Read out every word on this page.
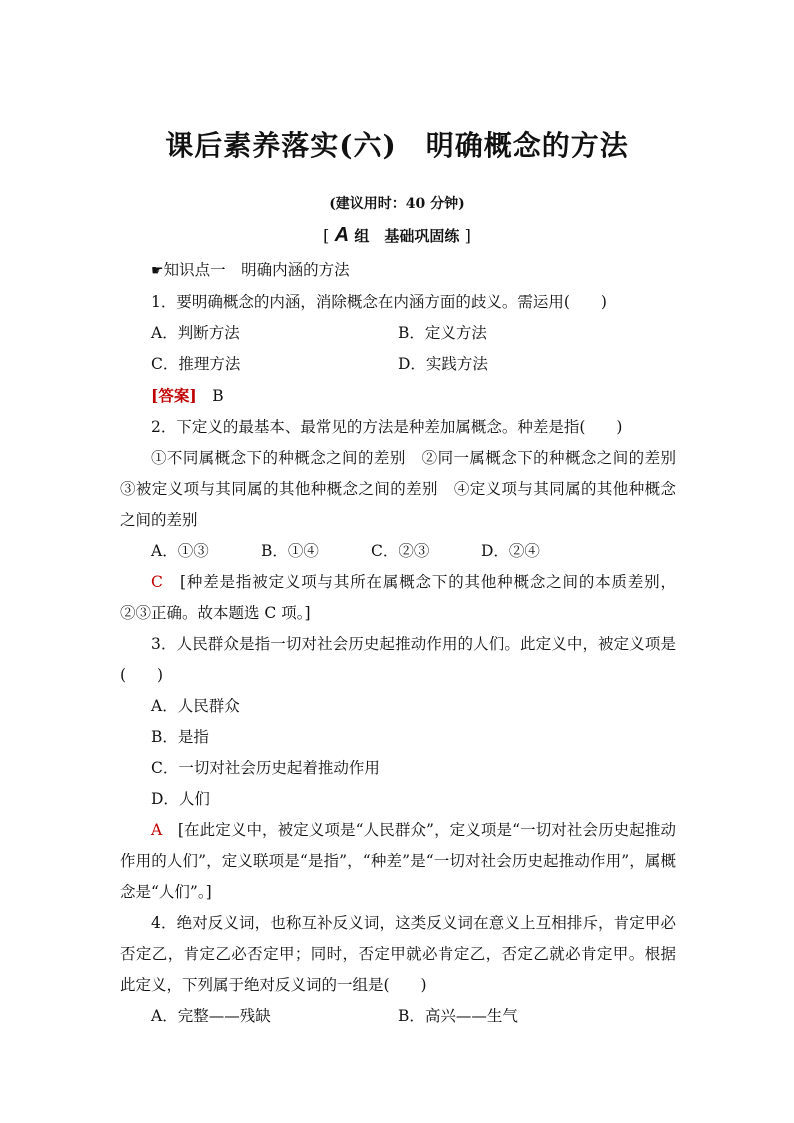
课后素养落实(六)　明确概念的方法
(建议用时：40 分钟)
[ A 组　基础巩固练 ]

☛知识点一　明确内涵的方法

1．要明确概念的内涵，消除概念在内涵方面的歧义。需运用(　　)

A．判断方法	B．定义方法
C．推理方法	D．实践方法

[答案]　 B

2．下定义的最基本、最常见的方法是种差加属概念。种差是指(　　)

①不同属概念下的种概念之间的差别　②同一属概念下的种概念之间的差别　③被定义项与其同属的其他种概念之间的差别　④定义项与其同属的其他种概念之间的差别

A．①③	B．①④	C．②③	D．②④

C　 [种差是指被定义项与其所在属概念下的其他种概念之间的本质差别，②③正确。故本题选 C 项。]

3．人民群众是指一切对社会历史起推动作用的人们。此定义中，被定义项是(　　)

A．人民群众

B．是指

C．一切对社会历史起着推动作用

D．人们

A　 [在此定义中，被定义项是“人民群众”，定义项是“一切对社会历史起推动作用的人们”，定义联项是“是指”，“种差”是“一切对社会历史起推动作用”，属概念是“人们”。]

4．绝对反义词，也称互补反义词，这类反义词在意义上互相排斥，肯定甲必否定乙，肯定乙必否定甲；同时，否定甲就必肯定乙，否定乙就必肯定甲。根据此定义，下列属于绝对反义词的一组是(　　)

A．完整——残缺	B．高兴——生气
